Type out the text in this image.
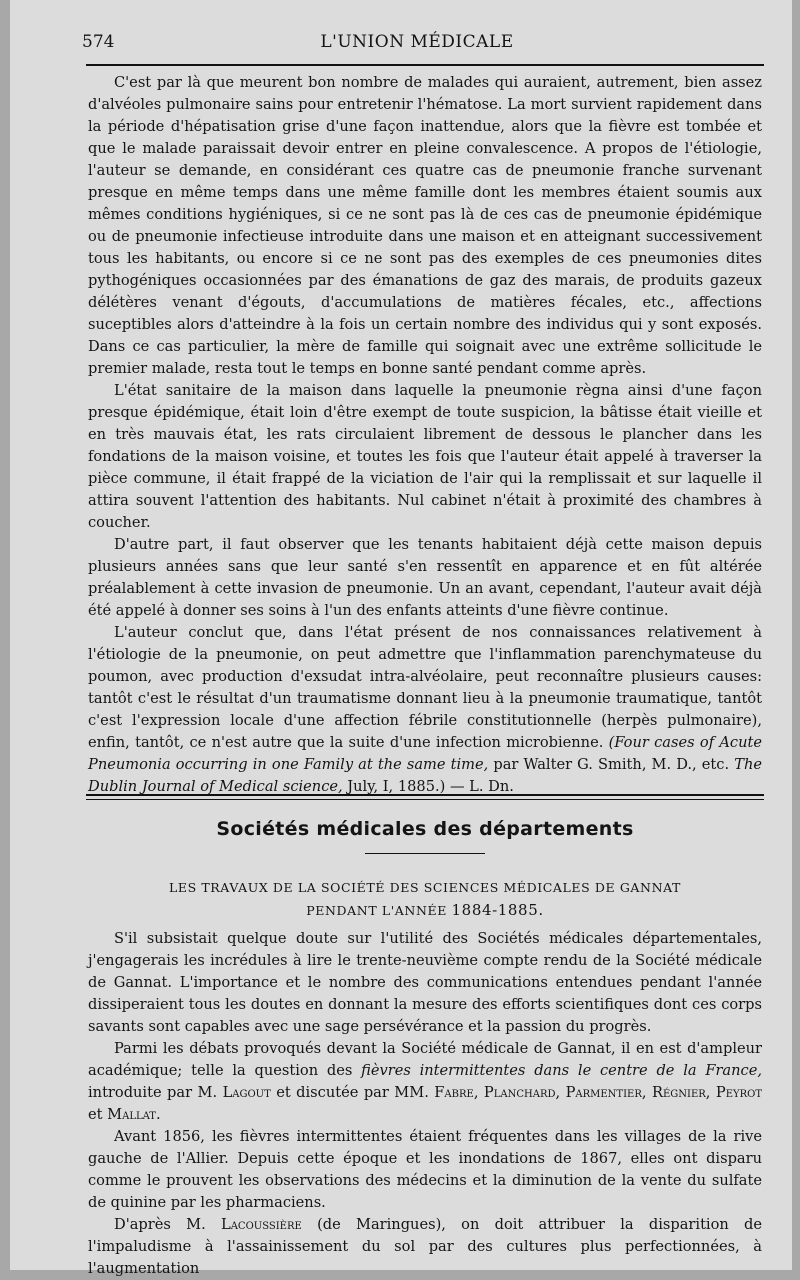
574	L'UNION MÉDICALE

C'est par là que meurent bon nombre de malades qui auraient, autrement, bien assez d'alvéoles pulmonaire sains pour entretenir l'hématose. La mort survient rapidement dans la période d'hépatisation grise d'une façon inattendue, alors que la fièvre est tombée et que le malade paraissait devoir entrer en pleine convalescence. A propos de l'étiologie, l'auteur se demande, en considérant ces quatre cas de pneumonie franche survenant presque en même temps dans une même famille dont les membres étaient soumis aux mêmes conditions hygiéniques, si ce ne sont pas là de ces cas de pneumonie épidémique ou de pneumonie infectieuse introduite dans une maison et en atteignant successivement tous les habitants, ou encore si ce ne sont pas des exemples de ces pneumonies dites pythogéniques occasionnées par des émanations de gaz des marais, de produits gazeux délétères venant d'égouts, d'accumulations de matières fécales, etc., affections suceptibles alors d'atteindre à la fois un certain nombre des individus qui y sont exposés. Dans ce cas particulier, la mère de famille qui soignait avec une extrême sollicitude le premier malade, resta tout le temps en bonne santé pendant comme après.

L'état sanitaire de la maison dans laquelle la pneumonie règna ainsi d'une façon presque épidémique, était loin d'être exempt de toute suspicion, la bâtisse était vieille et en très mauvais état, les rats circulaient librement de dessous le plancher dans les fondations de la maison voisine, et toutes les fois que l'auteur était appelé à traverser la pièce commune, il était frappé de la viciation de l'air qui la remplissait et sur laquelle il attira souvent l'attention des habitants. Nul cabinet n'était à proximité des chambres à coucher.

D'autre part, il faut observer que les tenants habitaient déjà cette maison depuis plusieurs années sans que leur santé s'en ressentît en apparence et en fût altérée préalablement à cette invasion de pneumonie. Un an avant, cependant, l'auteur avait déjà été appelé à donner ses soins à l'un des enfants atteints d'une fièvre continue.

L'auteur conclut que, dans l'état présent de nos connaissances relativement à l'étiologie de la pneumonie, on peut admettre que l'inflammation parenchymateuse du poumon, avec production d'exsudat intra-alvéolaire, peut reconnaître plusieurs causes: tantôt c'est le résultat d'un traumatisme donnant lieu à la pneumonie traumatique, tantôt c'est l'expression locale d'une affection fébrile constitutionnelle (herpès pulmonaire), enfin, tantôt, ce n'est autre que la suite d'une infection microbienne. (Four cases of Acute Pneumonia occurring in one Family at the same time, par Walter G. Smith, M. D., etc. The Dublin Journal of Medical science, July, I, 1885.) — L. Dn.

Sociétés médicales des départements
LES TRAVAUX DE LA SOCIÉTÉ DES SCIENCES MÉDICALES DE GANNAT
PENDANT L'ANNÉE 1884-1885.

S'il subsistait quelque doute sur l'utilité des Sociétés médicales départementales, j'engagerais les incrédules à lire le trente-neuvième compte rendu de la Société médicale de Gannat. L'importance et le nombre des communications entendues pendant l'année dissiperaient tous les doutes en donnant la mesure des efforts scientifiques dont ces corps savants sont capables avec une sage persévérance et la passion du progrès.

Parmi les débats provoqués devant la Société médicale de Gannat, il en est d'ampleur académique; telle la question des fièvres intermittentes dans le centre de la France, introduite par M. Lagout et discutée par MM. Fabre, Planchard, Parmentier, Régnier, Peyrot et Mallat.

Avant 1856, les fièvres intermittentes étaient fréquentes dans les villages de la rive gauche de l'Allier. Depuis cette époque et les inondations de 1867, elles ont disparu comme le prouvent les observations des médecins et la diminution de la vente du sulfate de quinine par les pharmaciens.

D'après M. Lacoussière (de Maringues), on doit attribuer la disparition de l'impaludisme à l'assainissement du sol par des cultures plus perfectionnées, à l'augmentation
